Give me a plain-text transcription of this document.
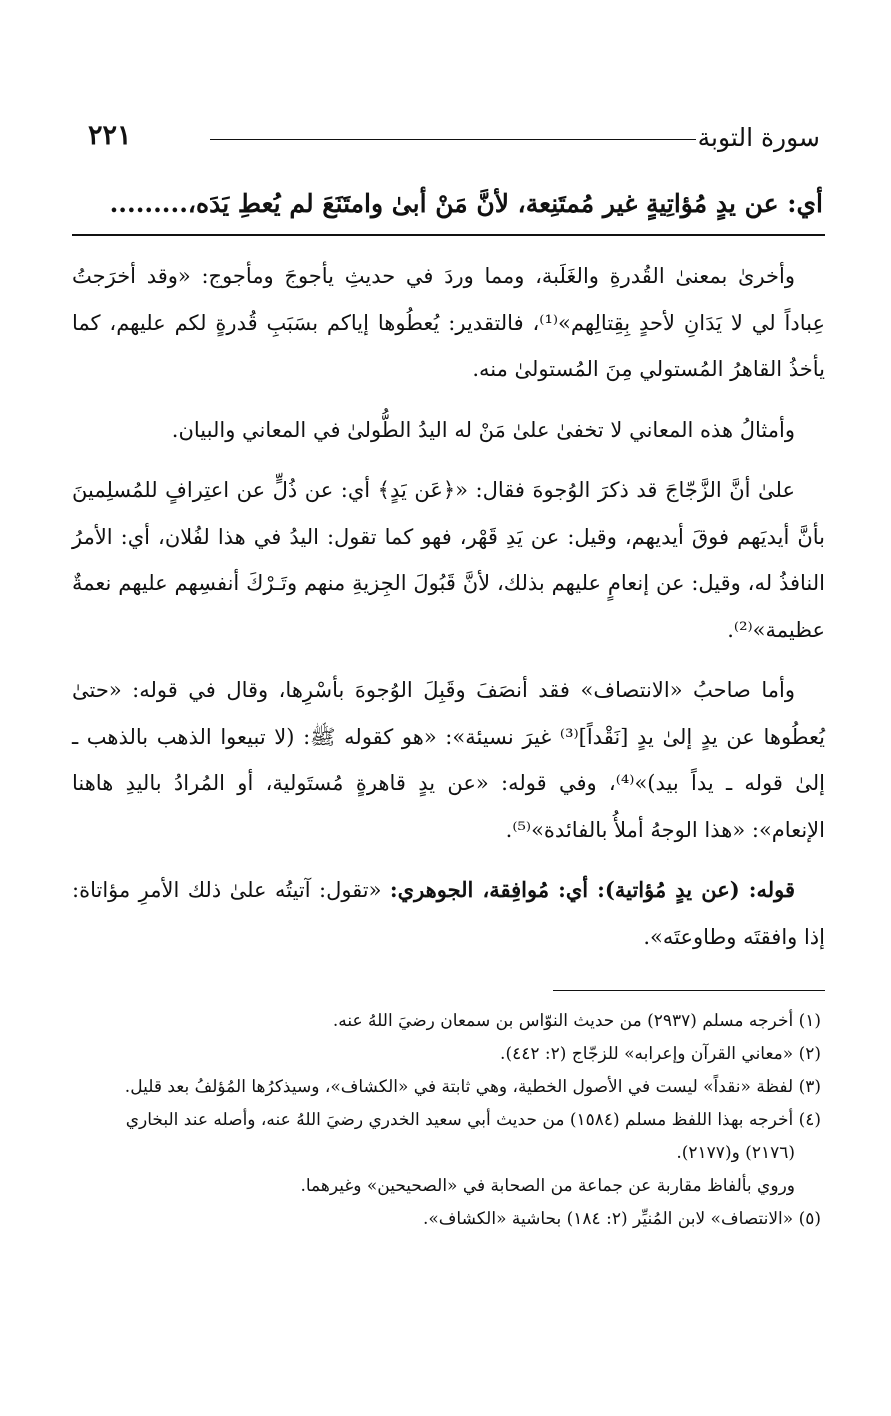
سورة التوبة
٢٢١
أي: عن يدٍ مُؤاتِيةٍ غير مُمتَنِعة، لأنَّ مَنْ أبىٰ وامتَنَعَ لم يُعطِ يَدَه،.........

وأخرىٰ بمعنىٰ القُدرةِ والغَلَبة، ومما وردَ في حديثِ يأجوجَ ومأجوج: «وقد أخرَجتُ عِباداً لي لا يَدَانِ لأحدٍ بِقِتالِهم»⁽¹⁾، فالتقدير: يُعطُوها إياكم بسَبَبِ قُدرةٍ لكم عليهم، كما يأخذُ القاهرُ المُستولي مِنَ المُستولىٰ منه.

وأمثالُ هذه المعاني لا تخفىٰ علىٰ مَنْ له اليدُ الطُّولىٰ في المعاني والبيان.

علىٰ أنَّ الزَّجّاجَ قد ذكرَ الوُجوهَ فقال: «﴿عَن يَدٍ﴾ أي: عن ذُلٍّ عن اعتِرافٍ للمُسلِمينَ بأنَّ أيديَهم فوقَ أيديهم، وقيل: عن يَدِ قَهْر، فهو كما تقول: اليدُ في هذا لفُلان، أي: الأمرُ النافذُ له، وقيل: عن إنعامٍ عليهم بذلك، لأنَّ قَبُولَ الجِزيةِ منهم وتَـرْكَ أنفسِهم عليهم نعمةٌ عظيمة»⁽²⁾.

وأما صاحبُ «الانتصاف» فقد أنصَفَ وقَبِلَ الوُجوهَ بأسْرِها، وقال في قوله: «حتىٰ يُعطُوها عن يدٍ إلىٰ يدٍ [نَقْداً]⁽³⁾ غيرَ نسيئة»: «هو كقوله ﷺ: (لا تبيعوا الذهب بالذهب ـ إلىٰ قوله ـ يداً بيد)»⁽⁴⁾، وفي قوله: «عن يدٍ قاهرةٍ مُستَولية، أو المُرادُ باليدِ هاهنا الإنعام»: «هذا الوجهُ أملأُ بالفائدة»⁽⁵⁾.

قوله: (عن يدٍ مُؤاتية): أي: مُوافِقة، الجوهري: «تقول: آتيتُه علىٰ ذلك الأمرِ مؤاتاة: إذا وافقتَه وطاوعتَه».

(١) أخرجه مسلم (٢٩٣٧) من حديث النوّاس بن سمعان رضيَ اللهُ عنه.

(٢) «معاني القرآن وإعرابه» للزجّاج (٢: ٤٤٢).

(٣) لفظة «نقداً» ليست في الأصول الخطية، وهي ثابتة في «الكشاف»، وسيذكرُها المُؤلفُ بعد قليل.

(٤) أخرجه بهذا اللفظ مسلم (١٥٨٤) من حديث أبي سعيد الخدري رضيَ اللهُ عنه، وأصله عند البخاري

(٢١٧٦) و(٢١٧٧).

وروي بألفاظ مقاربة عن جماعة من الصحابة في «الصحيحين» وغيرهما.

(٥) «الانتصاف» لابن المُنيِّر (٢: ١٨٤) بحاشية «الكشاف».
